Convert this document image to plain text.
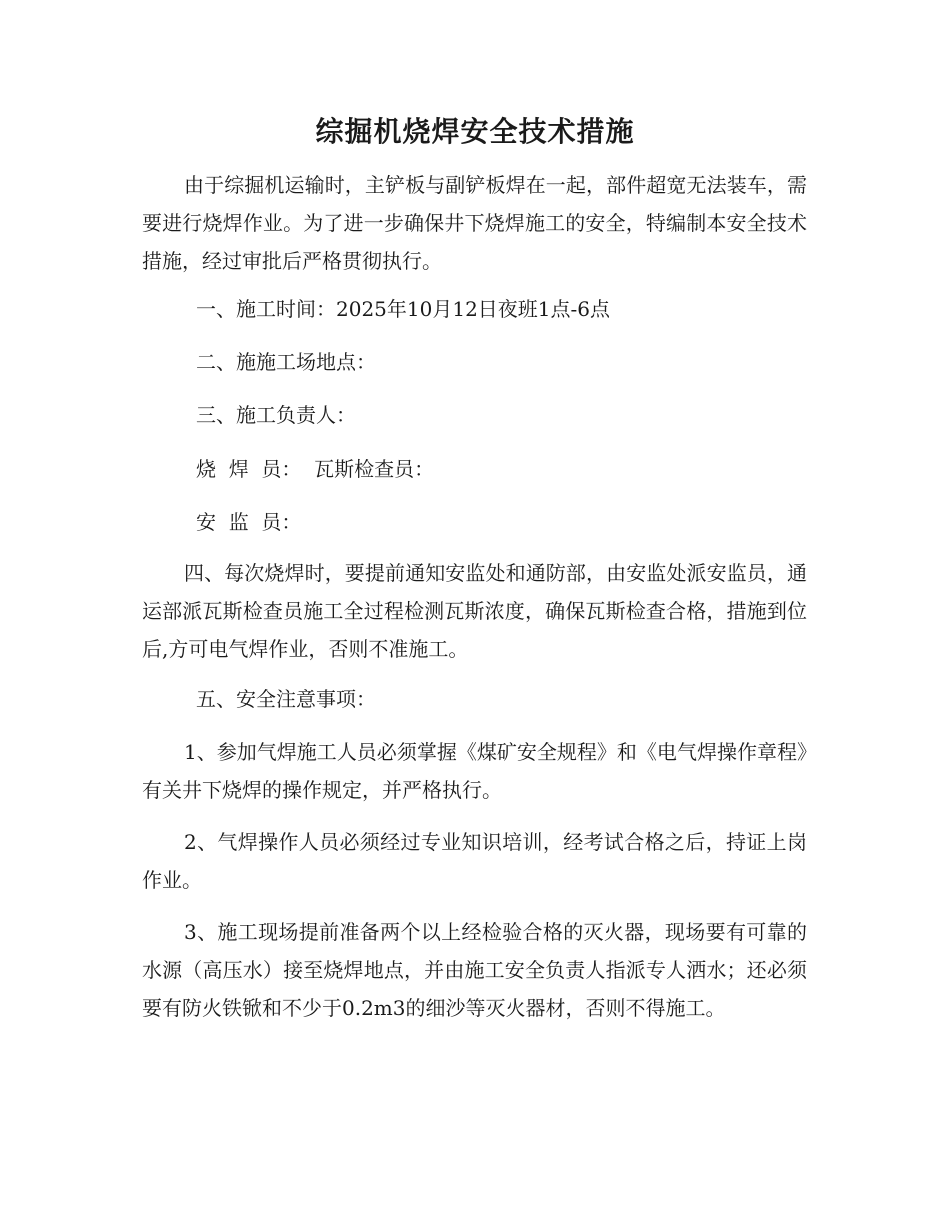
综掘机烧焊安全技术措施

由于综掘机运输时，主铲板与副铲板焊在一起，部件超宽无法装车，需要进行烧焊作业。为了进一步确保井下烧焊施工的安全，特编制本安全技术措施，经过审批后严格贯彻执行。

一、施工时间：2025年10月12日夜班1点-6点

二、施施工场地点：

三、施工负责人：

烧  焊  员：  瓦斯检查员：

安  监  员：

四、每次烧焊时，要提前通知安监处和通防部，由安监处派安监员，通运部派瓦斯检查员施工全过程检测瓦斯浓度，确保瓦斯检查合格，措施到位后,方可电气焊作业，否则不准施工。

五、安全注意事项：

1、参加气焊施工人员必须掌握《煤矿安全规程》和《电气焊操作章程》有关井下烧焊的操作规定，并严格执行。

2、气焊操作人员必须经过专业知识培训，经考试合格之后，持证上岗作业。

3、施工现场提前准备两个以上经检验合格的灭火器，现场要有可靠的水源（高压水）接至烧焊地点，并由施工安全负责人指派专人洒水；还必须要有防火铁锨和不少于0.2m3的细沙等灭火器材，否则不得施工。
